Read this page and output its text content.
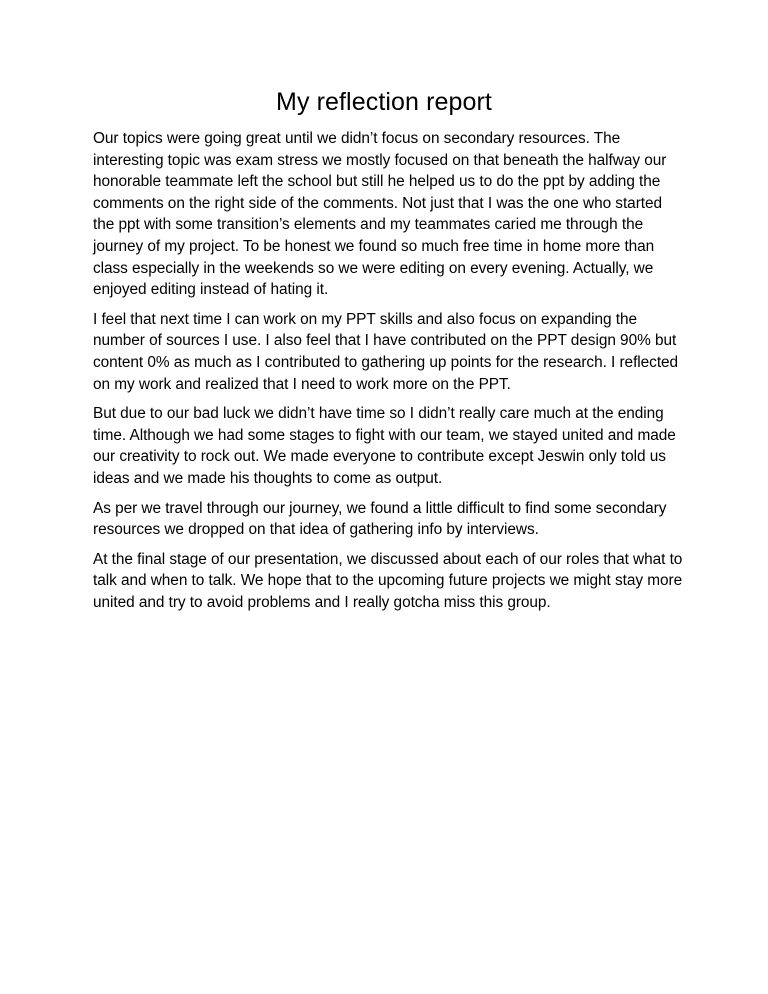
My reflection report

Our topics were going great until we didn’t focus on secondary resources. The interesting topic was exam stress we mostly focused on that beneath the halfway our honorable teammate left the school but still he helped us to do the ppt by adding the comments on the right side of the comments. Not just that I was the one who started the ppt with some transition’s elements and my teammates caried me through the journey of my project. To be honest we found so much free time in home more than class especially in the weekends so we were editing on every evening. Actually, we enjoyed editing instead of hating it.

I feel that next time I can work on my PPT skills and also focus on expanding the number of sources I use. I also feel that I have contributed on the PPT design 90% but content 0% as much as I contributed to gathering up points for the research. I reflected on my work and realized that I need to work more on the PPT.

But due to our bad luck we didn’t have time so I didn’t really care much at the ending time. Although we had some stages to fight with our team, we stayed united and made our creativity to rock out. We made everyone to contribute except Jeswin only told us ideas and we made his thoughts to come as output.

As per we travel through our journey, we found a little difficult to find some secondary resources we dropped on that idea of gathering info by interviews.

At the final stage of our presentation, we discussed about each of our roles that what to talk and when to talk. We hope that to the upcoming future projects we might stay more united and try to avoid problems and I really gotcha miss this group.
